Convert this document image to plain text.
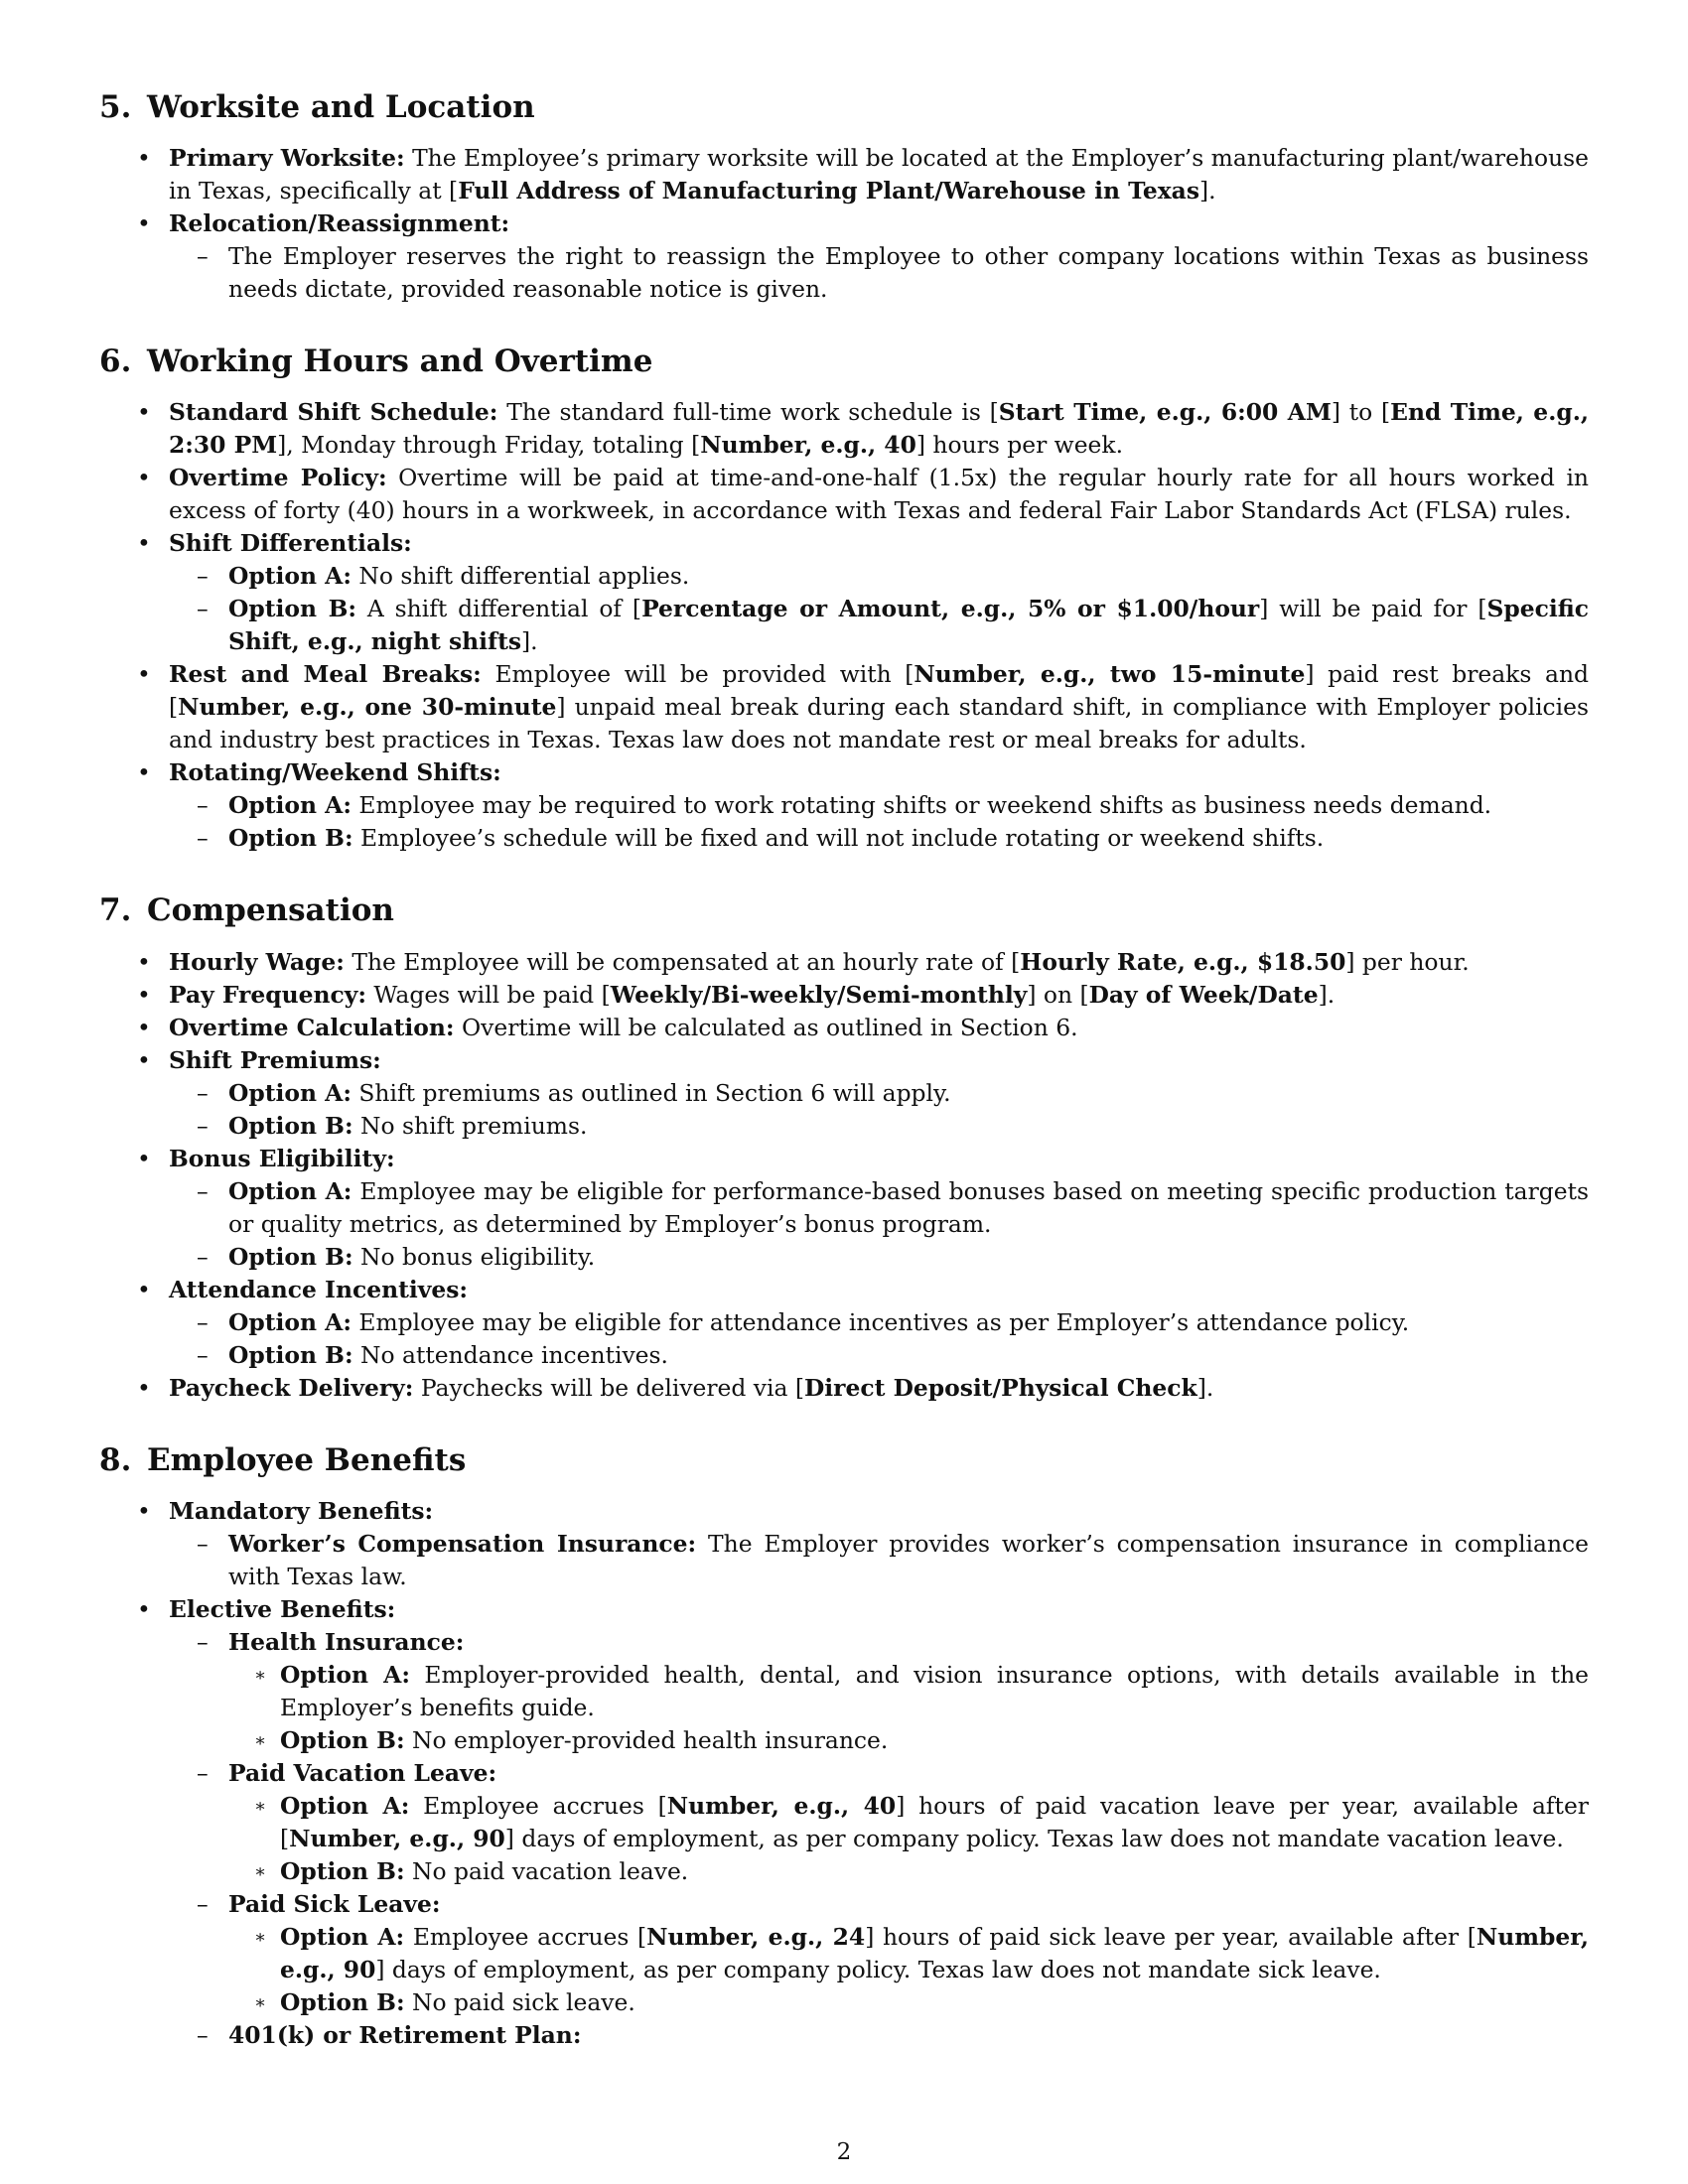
5. Worksite and Location
• Primary Worksite: The Employee’s primary worksite will be located at the Employer’s manufacturing plant/warehouse in Texas, specifically at [Full Address of Manufacturing Plant/Warehouse in Texas].
• Relocation/Reassignment:
– The Employer reserves the right to reassign the Employee to other company locations within Texas as business needs dictate, provided reasonable notice is given.
6. Working Hours and Overtime
• Standard Shift Schedule: The standard full-time work schedule is [Start Time, e.g., 6:00 AM] to [End Time, e.g., 2:30 PM], Monday through Friday, totaling [Number, e.g., 40] hours per week.
• Overtime Policy: Overtime will be paid at time-and-one-half (1.5x) the regular hourly rate for all hours worked in excess of forty (40) hours in a workweek, in accordance with Texas and federal Fair Labor Standards Act (FLSA) rules.
• Shift Differentials:
– Option A: No shift differential applies.
– Option B: A shift differential of [Percentage or Amount, e.g., 5% or $1.00/hour] will be paid for [Specific Shift, e.g., night shifts].
• Rest and Meal Breaks: Employee will be provided with [Number, e.g., two 15-minute] paid rest breaks and [Number, e.g., one 30-minute] unpaid meal break during each standard shift, in compliance with Employer policies and industry best practices in Texas. Texas law does not mandate rest or meal breaks for adults.
• Rotating/Weekend Shifts:
– Option A: Employee may be required to work rotating shifts or weekend shifts as business needs demand.
– Option B: Employee’s schedule will be fixed and will not include rotating or weekend shifts.
7. Compensation
• Hourly Wage: The Employee will be compensated at an hourly rate of [Hourly Rate, e.g., $18.50] per hour.
• Pay Frequency: Wages will be paid [Weekly/Bi-weekly/Semi-monthly] on [Day of Week/Date].
• Overtime Calculation: Overtime will be calculated as outlined in Section 6.
• Shift Premiums:
– Option A: Shift premiums as outlined in Section 6 will apply.
– Option B: No shift premiums.
• Bonus Eligibility:
– Option A: Employee may be eligible for performance-based bonuses based on meeting specific production targets or quality metrics, as determined by Employer’s bonus program.
– Option B: No bonus eligibility.
• Attendance Incentives:
– Option A: Employee may be eligible for attendance incentives as per Employer’s attendance policy.
– Option B: No attendance incentives.
• Paycheck Delivery: Paychecks will be delivered via [Direct Deposit/Physical Check].
8. Employee Benefits
• Mandatory Benefits:
– Worker’s Compensation Insurance: The Employer provides worker’s compensation insurance in compliance with Texas law.
• Elective Benefits:
– Health Insurance:
∗ Option A: Employer-provided health, dental, and vision insurance options, with details available in the Employer’s benefits guide.
∗ Option B: No employer-provided health insurance.
– Paid Vacation Leave:
∗ Option A: Employee accrues [Number, e.g., 40] hours of paid vacation leave per year, available after [Number, e.g., 90] days of employment, as per company policy. Texas law does not mandate vacation leave.
∗ Option B: No paid vacation leave.
– Paid Sick Leave:
∗ Option A: Employee accrues [Number, e.g., 24] hours of paid sick leave per year, available after [Number, e.g., 90] days of employment, as per company policy. Texas law does not mandate sick leave.
∗ Option B: No paid sick leave.
– 401(k) or Retirement Plan:
2
